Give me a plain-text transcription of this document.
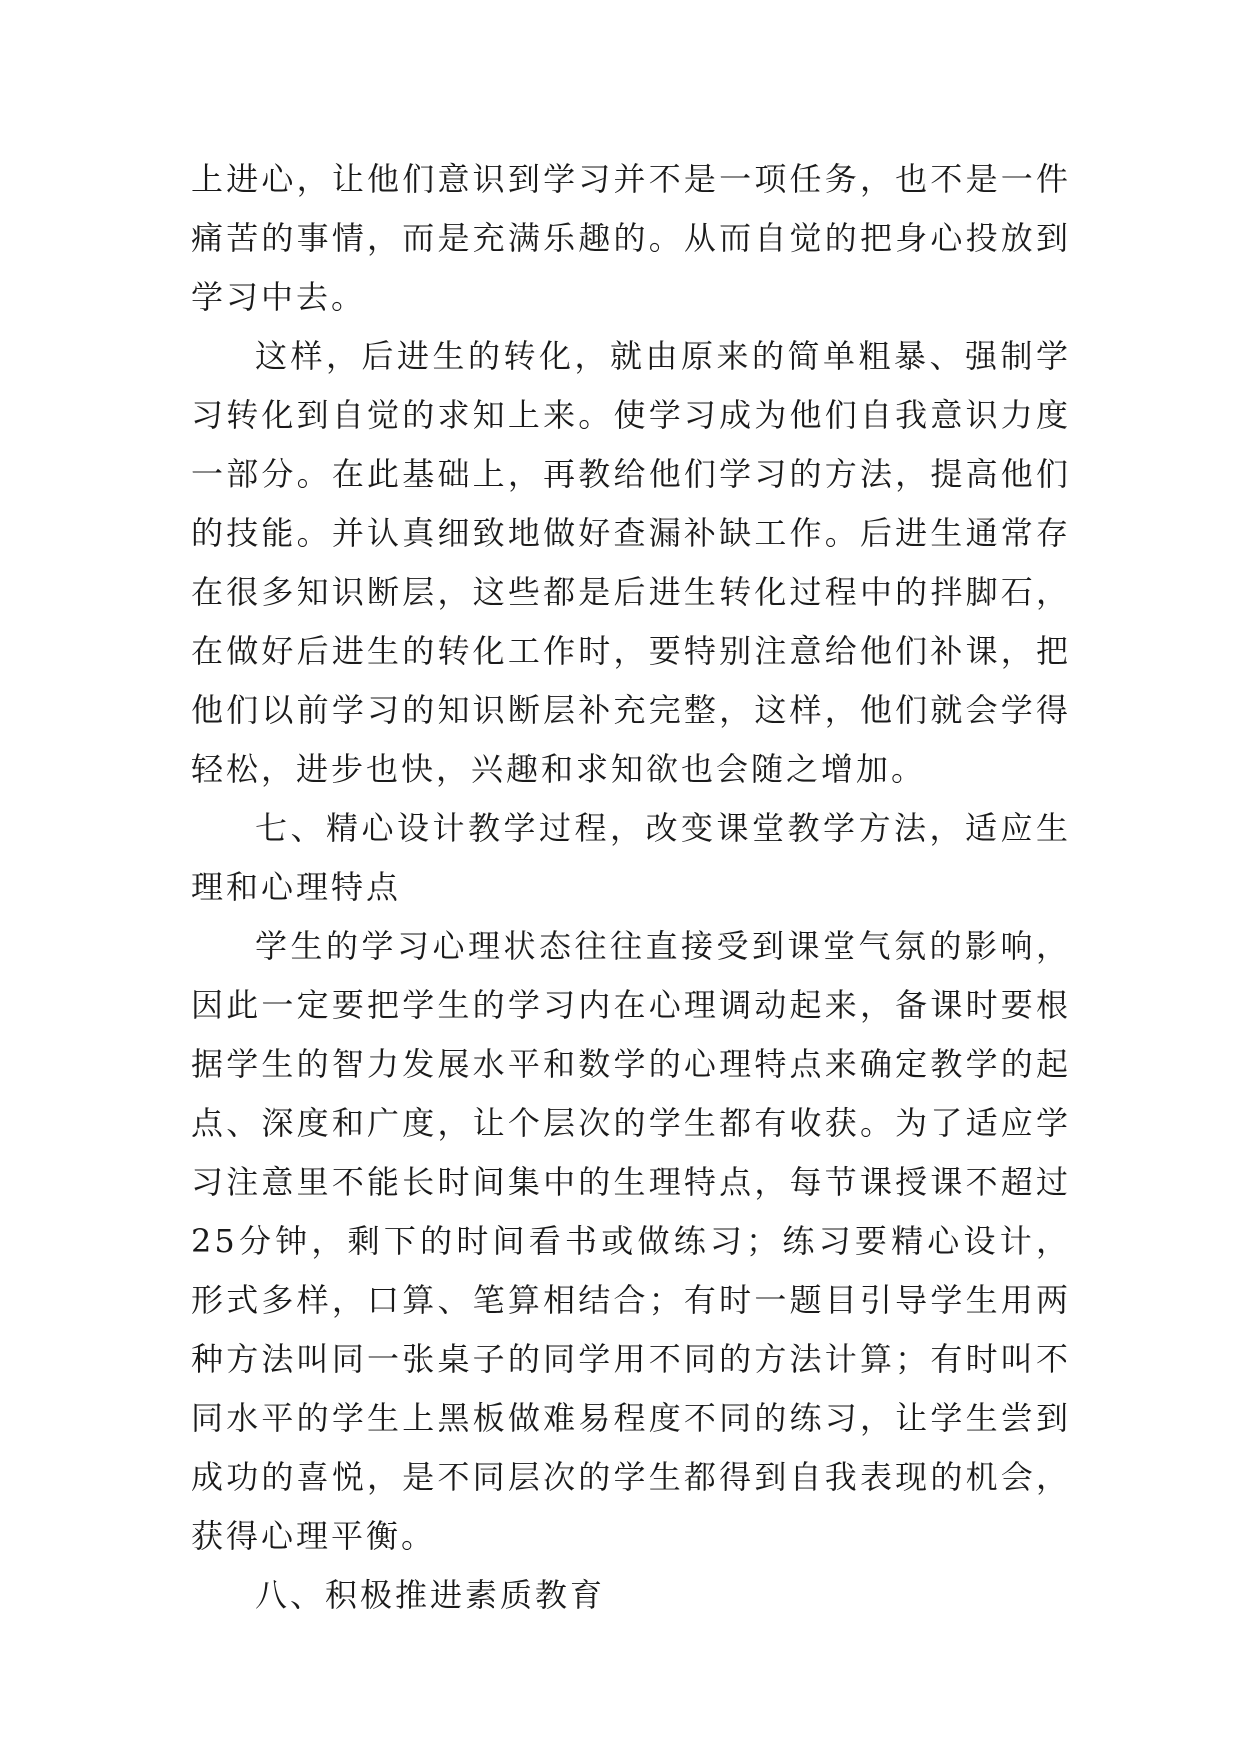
上进心，让他们意识到学习并不是一项任务，也不是一件痛苦的事情，而是充满乐趣的。从而自觉的把身心投放到学习中去。

这样，后进生的转化，就由原来的简单粗暴、强制学习转化到自觉的求知上来。使学习成为他们自我意识力度一部分。在此基础上，再教给他们学习的方法，提高他们的技能。并认真细致地做好查漏补缺工作。后进生通常存在很多知识断层，这些都是后进生转化过程中的拌脚石，在做好后进生的转化工作时，要特别注意给他们补课，把他们以前学习的知识断层补充完整，这样，他们就会学得轻松，进步也快，兴趣和求知欲也会随之增加。

七、精心设计教学过程，改变课堂教学方法，适应生理和心理特点

学生的学习心理状态往往直接受到课堂气氛的影响，因此一定要把学生的学习内在心理调动起来，备课时要根据学生的智力发展水平和数学的心理特点来确定教学的起点、深度和广度，让个层次的学生都有收获。为了适应学习注意里不能长时间集中的生理特点，每节课授课不超过25分钟，剩下的时间看书或做练习；练习要精心设计，形式多样，口算、笔算相结合；有时一题目引导学生用两种方法叫同一张桌子的同学用不同的方法计算；有时叫不同水平的学生上黑板做难易程度不同的练习，让学生尝到成功的喜悦，是不同层次的学生都得到自我表现的机会，获得心理平衡。

八、积极推进素质教育
